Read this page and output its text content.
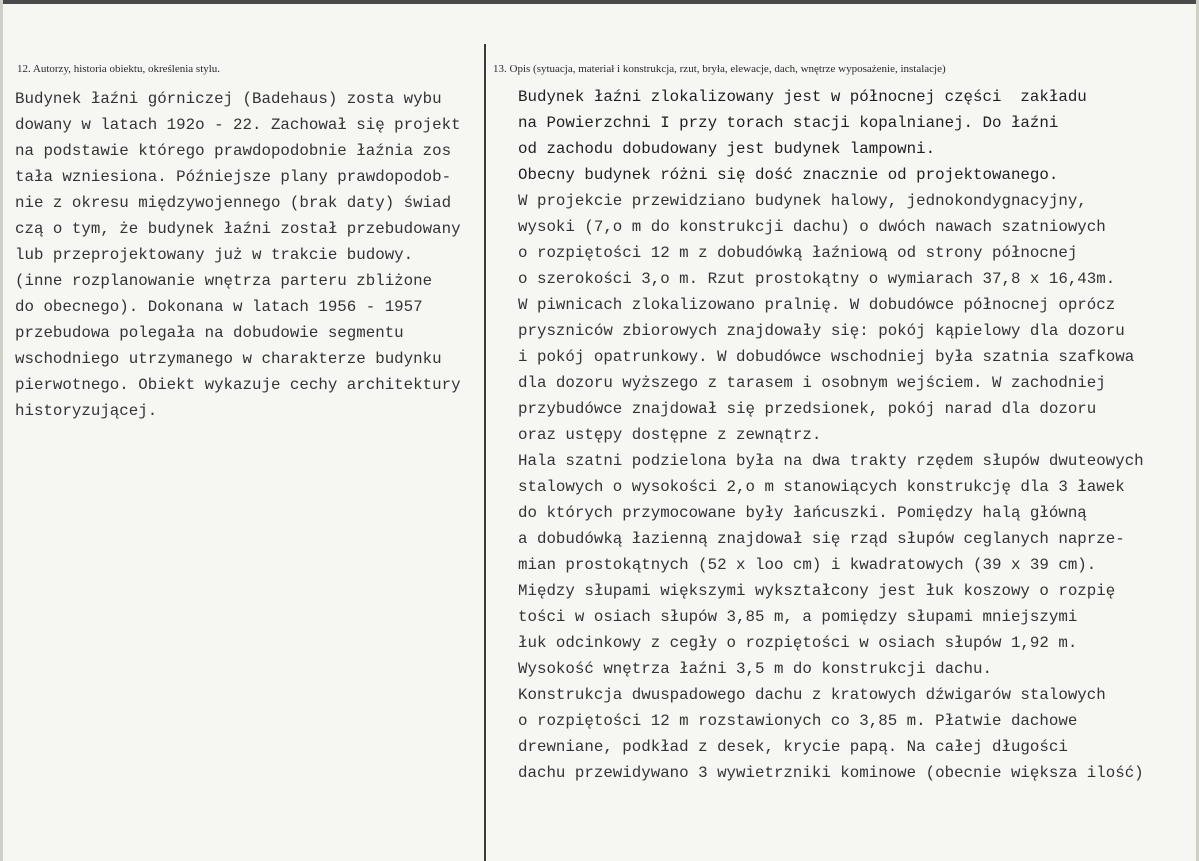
12. Autorzy, historia obiektu, określenia stylu.	13. Opis (sytuacja, materiał i konstrukcja, rzut, bryła, elewacje, dach, wnętrze wyposażenie, instalacje)
Budynek łaźni górniczej (Badehaus) zosta wybu
dowany w latach 192o - 22. Zachował się projekt
na podstawie którego prawdopodobnie łaźnia zos
tała wzniesiona. Późniejsze plany prawdopodob-
nie z okresu międzywojennego (brak daty) świad
czą o tym, że budynek łaźni został przebudowany
lub przeprojektowany już w trakcie budowy.
(inne rozplanowanie wnętrza parteru zbliżone
do obecnego). Dokonana w latach 1956 - 1957
przebudowa polegała na dobudowie segmentu
wschodniego utrzymanego w charakterze budynku
pierwotnego. Obiekt wykazuje cechy architektury
historyzującej.
Budynek łaźni zlokalizowany jest w północnej części  zakładu
na Powierzchni I przy torach stacji kopalnianej. Do łaźni
od zachodu dobudowany jest budynek lampowni.
Obecny budynek różni się dość znacznie od projektowanego.
W projekcie przewidziano budynek halowy, jednokondygnacyjny,
wysoki (7,o m do konstrukcji dachu) o dwóch nawach szatniowych
o rozpiętości 12 m z dobudówką łaźniową od strony północnej
o szerokości 3,o m. Rzut prostokątny o wymiarach 37,8 x 16,43m.
W piwnicach zlokalizowano pralnię. W dobudówce północnej oprócz
pryszniców zbiorowych znajdowały się: pokój kąpielowy dla dozoru
i pokój opatrunkowy. W dobudówce wschodniej była szatnia szafkowa
dla dozoru wyższego z tarasem i osobnym wejściem. W zachodniej
przybudówce znajdował się przedsionek, pokój narad dla dozoru
oraz ustępy dostępne z zewnątrz.
Hala szatni podzielona była na dwa trakty rzędem słupów dwuteowych
stalowych o wysokości 2,o m stanowiących konstrukcję dla 3 ławek
do których przymocowane były łańcuszki. Pomiędzy halą główną
a dobudówką łazienną znajdował się rząd słupów ceglanych naprze-
mian prostokątnych (52 x loo cm) i kwadratowych (39 x 39 cm).
Między słupami większymi wykształcony jest łuk koszowy o rozpię
tości w osiach słupów 3,85 m, a pomiędzy słupami mniejszymi
łuk odcinkowy z cegły o rozpiętości w osiach słupów 1,92 m.
Wysokość wnętrza łaźni 3,5 m do konstrukcji dachu.
Konstrukcja dwuspadowego dachu z kratowych dźwigarów stalowych
o rozpiętości 12 m rozstawionych co 3,85 m. Płatwie dachowe
drewniane, podkład z desek, krycie papą. Na całej długości
dachu przewidywano 3 wywietrzniki kominowe (obecnie większa ilość)
